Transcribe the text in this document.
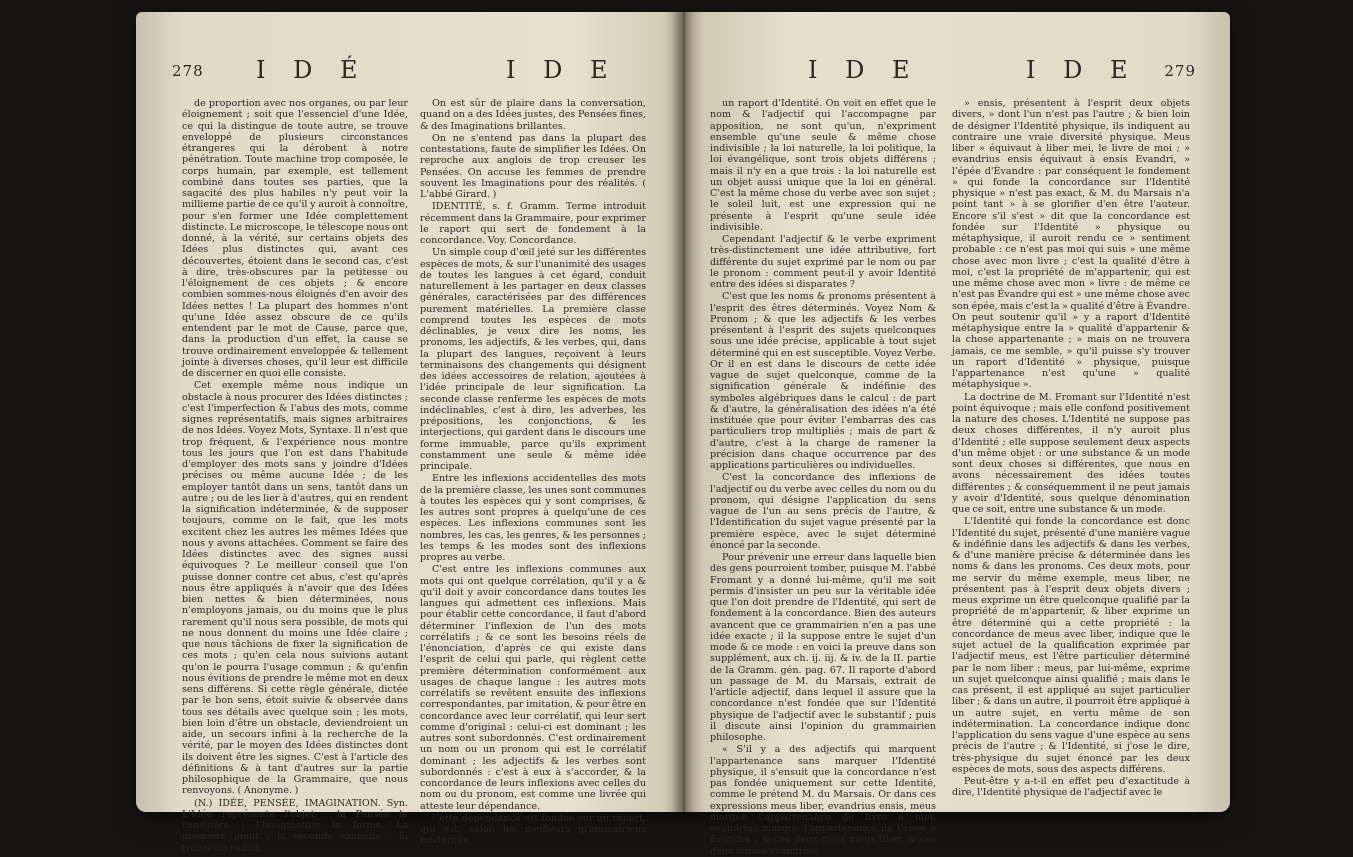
278 I D É	I D E

de proportion avec nos organes, ou par leur éloignement ; soit que l'essenciel d'une Idée, ce qui la distingue de toute autre, se trouve enveloppé de plusieurs circonstances étrangeres qui la dérobent à notre pénétration. Toute machine trop composée, le corps humain, par exemple, est tellement combiné dans toutes ses parties, que la sagacité des plus habiles n'y peut voir la millieme partie de ce qu'il y auroit à connoître, pour s'en former une Idée complettement distincte. Le microscope, le télescope nous ont donné, à la vérité, sur certains objets des Idées plus distinctes qui, avant ces découvertes, étoient dans le second cas, c'est à dire, très-obscures par la petitesse ou l'éloignement de ces objets ; & encore combien sommes-nous éloignés d'en avoir des Idées nettes ! La plupart des hommes n'ont qu'une Idée assez obscure de ce qu'ils entendent par le mot de Cause, parce que, dans la production d'un effet, la cause se trouve ordinairement enveloppée & tellement jointe à diverses choses, qu'il leur est difficile de discerner en quoi elle consiste.

Cet exemple même nous indique un obstacle à nous procurer des Idées distinctes ; c'est l'imperfection & l'abus des mots, comme signes représentatifs, mais signes arbitraires de nos Idées. Voyez Mots, Syntaxe. Il n'est que trop fréquent, & l'expérience nous montre tous les jours que l'on est dans l'habitude d'employer des mots sans y joindre d'Idées précises ou même aucune Idée ; de les employer tantôt dans un sens, tantôt dans un autre ; ou de les lier à d'autres, qui en rendent la signification indéterminée, & de supposer toujours, comme on le fait, que les mots excitent chez les autres les mêmes Idées que nous y avons attachées. Comment se faire des Idées distinctes avec des signes aussi équivoques ? Le meilleur conseil que l'on puisse donner contre cet abus, c'est qu'après nous être appliqués à n'avoir que des Idées bien nettes & bien déterminées, nous n'employons jamais, ou du moins que le plus rarement qu'il nous sera possible, de mots qui ne nous donnent du moins une Idée claire ; que nous tâchions de fixer la signification de ces mots ; qu'en cela nous suivions autant qu'on le pourra l'usage commun ; & qu'enfin nous évitions de prendre le même mot en deux sens différens. Si cette règle générale, dictée par le bon sens, étoit suivie & observée dans tous ses détails avec quelque soin ; les mots, bien loin d'être un obstacle, deviendroient un aide, un secours infini à la recherche de la vérité, par le moyen des Idées distinctes dont ils doivent être les signes. C'est à l'article des définitions & à tant d'autres sur la partie philosophique de la Grammaire, que nous renvoyons. ( Anonyme. )

(N.) IDÉE, PENSÉE, IMAGINATION. Syn. L'Idée représente l'objet : la Pensée le considère : l'Imagination le forme. La première peint ; la seconde examine ; la troisième réduit.

On est sûr de plaire dans la conversation, quand on a des Idées justes, des Pensées fines, & des Imaginations brillantes.

On ne s'entend pas dans la plupart des contestations, faute de simplifier les Idées. On reproche aux anglois de trop creuser les Pensées. On accuse les femmes de prendre souvent les Imaginations pour des réalités. ( L'abbé Girard. )

IDENTITÉ, s. f. Gramm. Terme introduit récemment dans la Grammaire, pour exprimer le raport qui sert de fondement à la concordance. Voy. Concordance.

Un simple coup d'œil jeté sur les différentes espèces de mots, & sur l'unanimité des usages de toutes les langues à cet égard, conduit naturellement à les partager en deux classes générales, caractérisées par des différences purement matérielles. La première classe comprend toutes les espèces de mots déclinables, je veux dire les noms, les pronoms, les adjectifs, & les verbes, qui, dans la plupart des langues, reçoivent à leurs terminaisons des changements qui désignent des idées accessoires de relation, ajoutées à l'idée principale de leur signification. La seconde classe renferme les espèces de mots indéclinables, c'est à dire, les adverbes, les prépositions, les conjonctions, & les interjections, qui gardent dans le discours une forme immuable, parce qu'ils expriment constamment une seule & même idée principale.

Entre les inflexions accidentelles des mots de la première classe, les unes sont communes à toutes les espèces qui y sont comprises, & les autres sont propres à quelqu'une de ces espèces. Les inflexions communes sont les nombres, les cas, les genres, & les personnes ; les temps & les modes sont des inflexions propres au verbe.

C'est entre les inflexions communes aux mots qui ont quelque corrélation, qu'il y a & qu'il doit y avoir concordance dans toutes les langues qui admettent ces inflexions. Mais pour établir cette concordance, il faut d'abord déterminer l'inflexion de l'un des mots corrélatifs ; & ce sont les besoins réels de l'énonciation, d'après ce qui existe dans l'esprit de celui qui parle, qui règlent cette première détermination conformément aux usages de chaque langue : les autres mots corrélatifs se revêtent ensuite des inflexions correspondantes, par imitation, & pour être en concordance avec leur corrélatif, qui leur sert comme d'original : celui-ci est dominant ; les autres sont subordonnés. C'est ordinairement un nom ou un pronom qui est le corrélatif dominant ; les adjectifs & les verbes sont subordonnés : c'est à eux à s'accorder, & la concordance de leurs inflexions avec celles du nom ou du pronom, est comme une livrée qui atteste leur dépendance.

Cette dépendance est fondée sur un raport, qui est, selon les meilleurs grammairiens modernes,

I D E	I D E 279

un raport d'Identité. On voit en effet que le nom & l'adjectif qui l'accompagne par apposition, ne sont qu'un, n'expriment ensemble qu'une seule & même chose indivisible ; la loi naturelle, la loi politique, la loi évangélique, sont trois objets différens ; mais il n'y en a que trois : la loi naturelle est un objet aussi unique que la loi en général. C'est la même chose du verbe avec son sujet ; le soleil luit, est une expression qui ne présente à l'esprit qu'une seule idée indivisible.

Cependant l'adjectif & le verbe expriment très-distinctement une idée attributive, fort différente du sujet exprimé par le nom ou par le pronom : comment peut-il y avoir Identité entre des idées si disparates ?

C'est que les noms & pronoms présentent à l'esprit des êtres déterminés. Voyez Nom & Pronom ; & que les adjectifs & les verbes présentent à l'esprit des sujets quelconques sous une idée précise, applicable à tout sujet déterminé qui en est susceptible. Voyez Verbe. Or il en est dans le discours de cette idée vague de sujet quelconque, comme de la signification générale & indéfinie des symboles algébriques dans le calcul : de part & d'autre, la généralisation des idées n'a été instituée que pour éviter l'embarras des cas particuliers trop multipliés ; mais de part & d'autre, c'est à la charge de ramener la précision dans chaque occurrence par des applications particulières ou individuelles.

C'est la concordance des inflexions de l'adjectif ou du verbe avec celles du nom ou du pronom, qui désigne l'application du sens vague de l'un au sens précis de l'autre, & l'Identification du sujet vague présenté par la première espèce, avec le sujet déterminé énoncé par la seconde.

Pour prévenir une erreur dans laquelle bien des gens pourroient tomber, puisque M. l'abbé Fromant y a donné lui-même, qu'il me soit permis d'insister un peu sur la véritable idée que l'on doit prendre de l'Identité, qui sert de fondement à la concordance. Bien des auteurs avancent que ce grammairien n'en a pas une idée exacte ; il la suppose entre le sujet d'un mode & ce mode : en voici la preuve dans son supplément, aux ch. ij. iij. & iv. de la II. partie de la Gramm. gén. pag. 67. Il raporte d'abord un passage de M. du Marsais, extrait de l'article adjectif, dans lequel il assure que la concordance n'est fondée que sur l'Identité physique de l'adjectif avec le substantif ; puis il discute ainsi l'opinion du grammairien philosophe.

« S'il y a des adjectifs qui marquent l'appartenance sans marquer l'Identité physique, il s'ensuit que la concordance n'est pas fondée uniquement sur cette Identité, comme le prétend M. du Marsais. Or dans ces expressions meus liber, evandrius ensis, meus marque l'appartenance du livre à moi, evandrius marque l'appartenance de l'épée à Évandre ; & ces deux mots meus liber, & ces deux autres evandrius

» ensis, présentent à l'esprit deux objets divers, » dont l'un n'est pas l'autre ; & bien loin de désigner l'Identité physique, ils indiquent au contraire une vraie diversité physique. Meus liber » équivaut à liber mei, le livre de moi ; » evandrius ensis équivaut à ensis Evandri, » l'épée d'Évandre : par conséquent le fondement » qui fonde la concordance sur l'Identité physique » n'est pas exact, & M. du Marsais n'a point tant » à se glorifier d'en être l'auteur. Encore s'il s'est » dit que la concordance est fondée sur l'Identité » physique ou métaphysique, il auroit rendu ce » sentiment probable : ce n'est pas moi qui suis » une même chose avec mon livre ; c'est la qualité d'être à moi, c'est la propriété de m'appartenir, qui est une même chose avec mon » livre : de même ce n'est pas Évandre qui est » une même chose avec son épée, mais c'est la » qualité d'être à Évandre. On peut soutenir qu'il » y a raport d'Identité métaphysique entre la » qualité d'appartenir & la chose appartenante ; » mais on ne trouvera jamais, ce me semble, » qu'il puisse s'y trouver un raport d'Identité » physique, puisque l'appartenance n'est qu'une » qualité métaphysique ».

La doctrine de M. Fromant sur l'Identité n'est point équivoque ; mais elle confond positivement la nature des choses. L'Identité ne suppose pas deux choses différentes, il n'y auroit plus d'Identité ; elle suppose seulement deux aspects d'un même objet : or une substance & un mode sont deux choses si différentes, que nous en avons nécessairement des idées toutes différentes ; & conséquemment il ne peut jamais y avoir d'Identité, sous quelque dénomination que ce soit, entre une substance & un mode.

L'Identité qui fonde la concordance est donc l'Identité du sujet, présenté d'une manière vague & indéfinie dans les adjectifs & dans les verbes, & d'une manière précise & déterminée dans les noms & dans les pronoms. Ces deux mots, pour me servir du même exemple, meus liber, ne présentent pas à l'esprit deux objets divers ; meus exprime un être quelconque qualifié par la propriété de m'appartenir, & liber exprime un être déterminé qui a cette propriété : la concordance de meus avec liber, indique que le sujet actuel de la qualification exprimée par l'adjectif meus, est l'être particulier déterminé par le nom liber : meus, par lui-même, exprime un sujet quelconque ainsi qualifié ; mais dans le cas présent, il est appliqué au sujet particulier liber ; & dans un autre, il pourroit être appliqué à un autre sujet, en vertu même de son indétermination. La concordance indique donc l'application du sens vague d'une espèce au sens précis de l'autre ; & l'Identité, si j'ose le dire, très-physique du sujet énoncé par les deux espèces de mots, sous des aspects différens.

Peut-être y a-t-il en effet peu d'exactitude à dire, l'Identité physique de l'adjectif avec le
